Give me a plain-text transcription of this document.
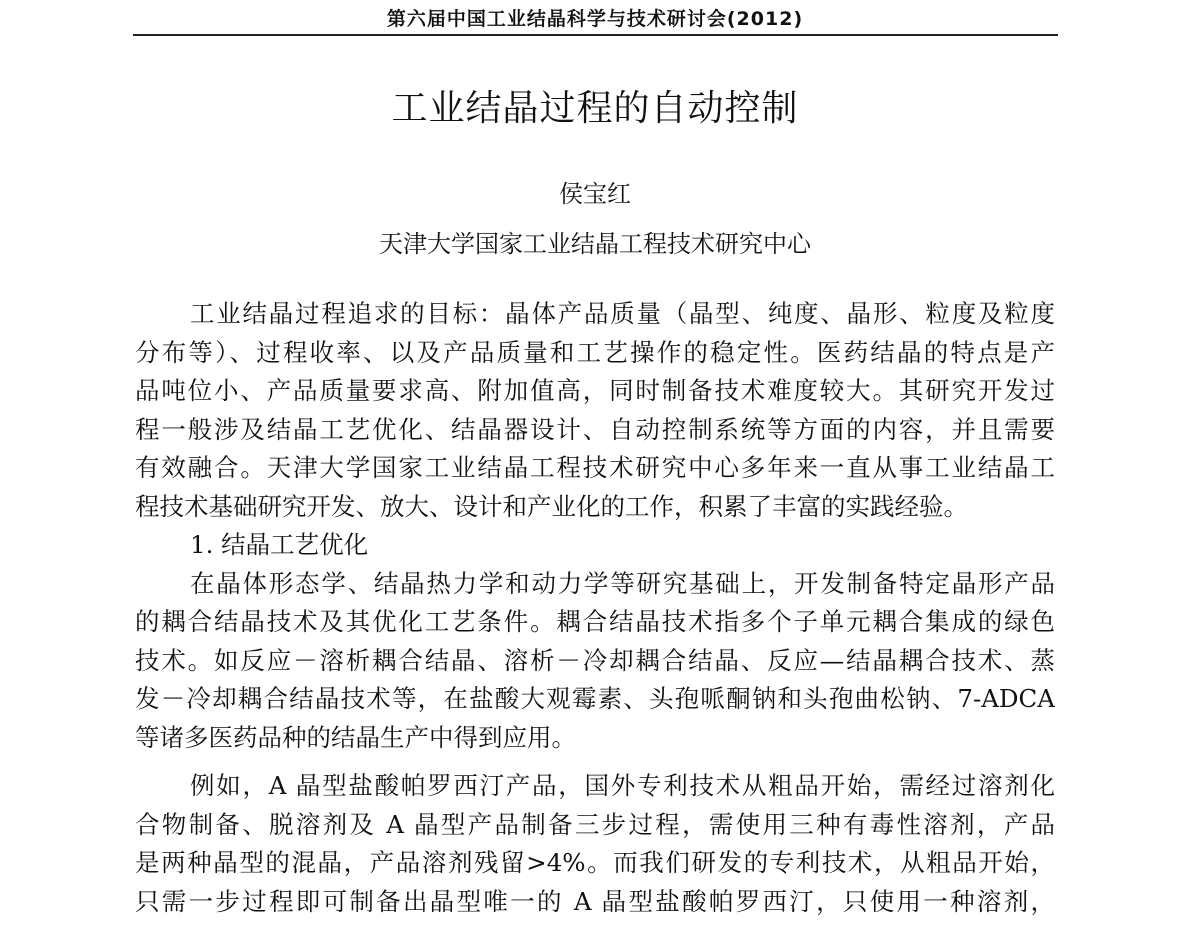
第六届中国工业结晶科学与技术研讨会(2012)
工业结晶过程的自动控制
侯宝红
天津大学国家工业结晶工程技术研究中心
工业结晶过程追求的目标：晶体产品质量（晶型、纯度、晶形、粒度及粒度
分布等）、过程收率、以及产品质量和工艺操作的稳定性。医药结晶的特点是产
品吨位小、产品质量要求高、附加值高，同时制备技术难度较大。其研究开发过
程一般涉及结晶工艺优化、结晶器设计、自动控制系统等方面的内容，并且需要
有效融合。天津大学国家工业结晶工程技术研究中心多年来一直从事工业结晶工
程技术基础研究开发、放大、设计和产业化的工作，积累了丰富的实践经验。
1. 结晶工艺优化
在晶体形态学、结晶热力学和动力学等研究基础上，开发制备特定晶形产品
的耦合结晶技术及其优化工艺条件。耦合结晶技术指多个子单元耦合集成的绿色
技术。如反应－溶析耦合结晶、溶析－冷却耦合结晶、反应—结晶耦合技术、蒸
发－冷却耦合结晶技术等，在盐酸大观霉素、头孢哌酮钠和头孢曲松钠、7-ADCA
等诸多医药品种的结晶生产中得到应用。
例如，A 晶型盐酸帕罗西汀产品，国外专利技术从粗品开始，需经过溶剂化
合物制备、脱溶剂及 A 晶型产品制备三步过程，需使用三种有毒性溶剂，产品
是两种晶型的混晶，产品溶剂残留>4%。而我们研发的专利技术，从粗品开始，
只需一步过程即可制备出晶型唯一的 A 晶型盐酸帕罗西汀，只使用一种溶剂，
